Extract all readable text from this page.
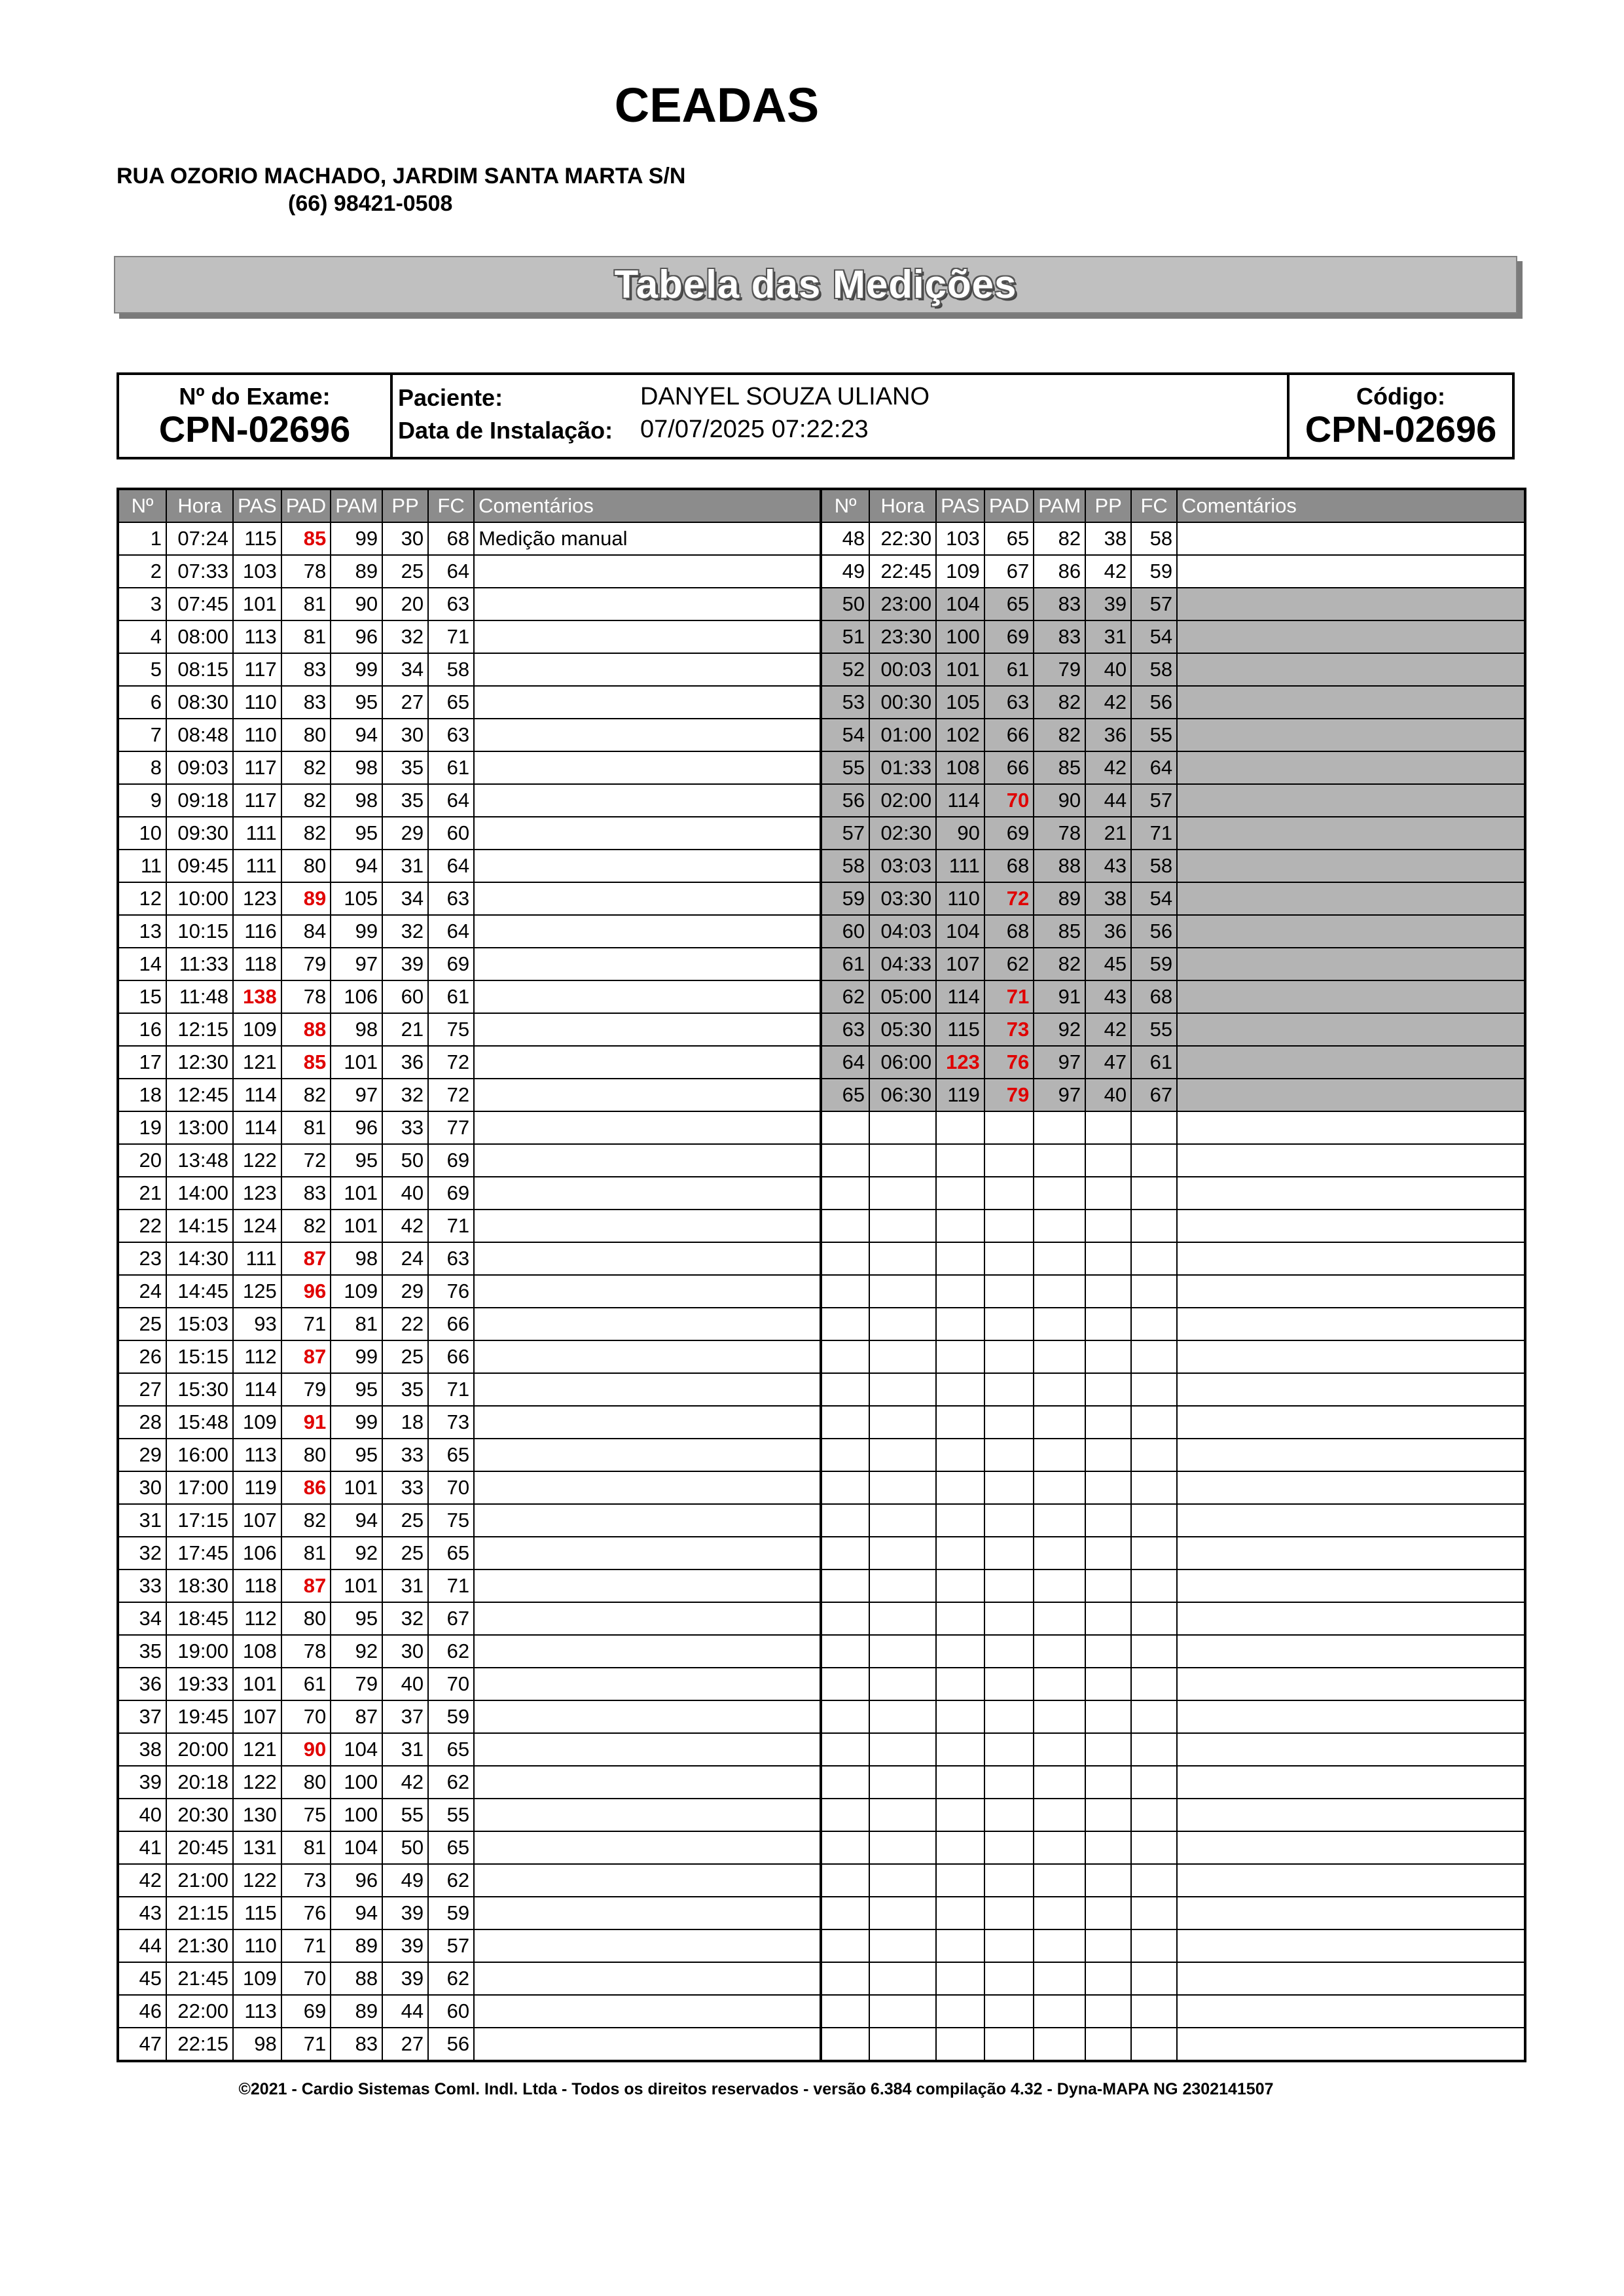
CEADAS
RUA OZORIO MACHADO, JARDIM SANTA MARTA S/N
(66) 98421-0508
Tabela das Medições
Nº do Exame:
CPN-02696
Paciente:	DANYEL SOUZA ULIANO
Data de Instalação: 07/07/2025 07:22:23
Código:
CPN-02696
Nº	Hora	PAS	PAD	PAM	PP	FC	Comentários	Nº	Hora	PAS	PAD	PAM	PP	FC	Comentários
1	07:24	115	85	99	30	68	Medição manual	48	22:30	103	65	82	38	58	
2	07:33	103	78	89	25	64		49	22:45	109	67	86	42	59	
3	07:45	101	81	90	20	63		50	23:00	104	65	83	39	57	
4	08:00	113	81	96	32	71		51	23:30	100	69	83	31	54	
5	08:15	117	83	99	34	58		52	00:03	101	61	79	40	58	
6	08:30	110	83	95	27	65		53	00:30	105	63	82	42	56	
7	08:48	110	80	94	30	63		54	01:00	102	66	82	36	55	
8	09:03	117	82	98	35	61		55	01:33	108	66	85	42	64	
9	09:18	117	82	98	35	64		56	02:00	114	70	90	44	57	
10	09:30	111	82	95	29	60		57	02:30	90	69	78	21	71	
11	09:45	111	80	94	31	64		58	03:03	111	68	88	43	58	
12	10:00	123	89	105	34	63		59	03:30	110	72	89	38	54	
13	10:15	116	84	99	32	64		60	04:03	104	68	85	36	56	
14	11:33	118	79	97	39	69		61	04:33	107	62	82	45	59	
15	11:48	138	78	106	60	61		62	05:00	114	71	91	43	68	
16	12:15	109	88	98	21	75		63	05:30	115	73	92	42	55	
17	12:30	121	85	101	36	72		64	06:00	123	76	97	47	61	
18	12:45	114	82	97	32	72		65	06:30	119	79	97	40	67	
19	13:00	114	81	96	33	77									
20	13:48	122	72	95	50	69									
21	14:00	123	83	101	40	69									
22	14:15	124	82	101	42	71									
23	14:30	111	87	98	24	63									
24	14:45	125	96	109	29	76									
25	15:03	93	71	81	22	66									
26	15:15	112	87	99	25	66									
27	15:30	114	79	95	35	71									
28	15:48	109	91	99	18	73									
29	16:00	113	80	95	33	65									
30	17:00	119	86	101	33	70									
31	17:15	107	82	94	25	75									
32	17:45	106	81	92	25	65									
33	18:30	118	87	101	31	71									
34	18:45	112	80	95	32	67									
35	19:00	108	78	92	30	62									
36	19:33	101	61	79	40	70									
37	19:45	107	70	87	37	59									
38	20:00	121	90	104	31	65									
39	20:18	122	80	100	42	62									
40	20:30	130	75	100	55	55									
41	20:45	131	81	104	50	65									
42	21:00	122	73	96	49	62									
43	21:15	115	76	94	39	59									
44	21:30	110	71	89	39	57									
45	21:45	109	70	88	39	62									
46	22:00	113	69	89	44	60									
47	22:15	98	71	83	27	56									
©2021 - Cardio Sistemas Coml. Indl. Ltda - Todos os direitos reservados - versão 6.384 compilação 4.32 - Dyna-MAPA NG 2302141507
